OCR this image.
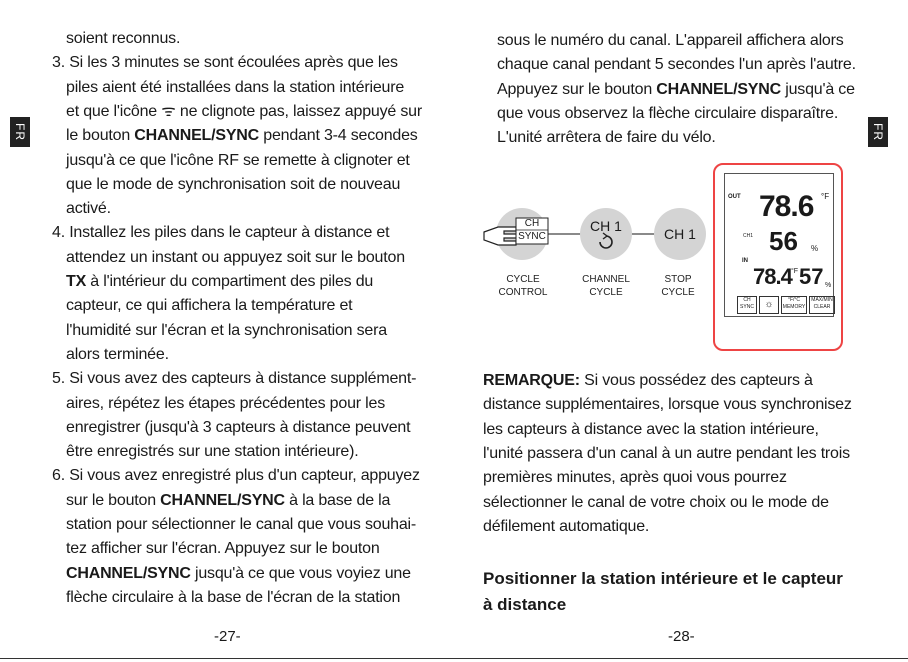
FR	FR
soient reconnus.
3. Si les 3 minutes se sont écoulées après que les
piles aient été installées dans la station intérieure
et que l'icône ᯤ ne clignote pas, laissez appuyé sur
le bouton CHANNEL/SYNC pendant 3-4 secondes
jusqu'à ce que l'icône RF se remette à clignoter et
que le mode de synchronisation soit de nouveau
activé.
4. Installez les piles dans le capteur à distance et
attendez un instant ou appuyez soit sur le bouton
TX à l'intérieur du compartiment des piles du
capteur, ce qui affichera la température et
l'humidité sur l'écran et la synchronisation sera
alors terminée.
5. Si vous avez des capteurs à distance supplément-
aires, répétez les étapes précédentes pour les
enregistrer (jusqu'à 3 capteurs à distance peuvent
être enregistrés sur une station intérieure).
6. Si vous avez enregistré plus d'un capteur, appuyez
sur le bouton CHANNEL/SYNC à la base de la
station pour sélectionner le canal que vous souhai-
tez afficher sur l'écran. Appuyez sur le bouton
CHANNEL/SYNC jusqu'à ce que vous voyiez une
flèche circulaire à la base de l'écran de la station
sous le numéro du canal. L'appareil affichera alors
chaque canal pendant 5 secondes l'un après l'autre.
Appuyez sur le bouton CHANNEL/SYNC jusqu'à ce
que vous observez la flèche circulaire disparaître.
L'unité arrêtera de faire du vélo.
CH
SYNC
CH 1	CH 1
CYCLE
CONTROL
CHANNEL
CYCLE
STOP
CYCLE
OUT 78.6 °F
CH1 56 %
IN
78.4 °F 57 %
CH
SYNC	☼	°F/°C
MEMORY
MAX/MIN
CLEAR
REMARQUE: Si vous possédez des capteurs à
distance supplémentaires, lorsque vous synchronisez
les capteurs à distance avec la station intérieure,
l'unité passera d'un canal à un autre pendant les trois
premières minutes, après quoi vous pourrez
sélectionner le canal de votre choix ou le mode de
défilement automatique.
Positionner la station intérieure et le capteur
à distance
-27-	-28-
